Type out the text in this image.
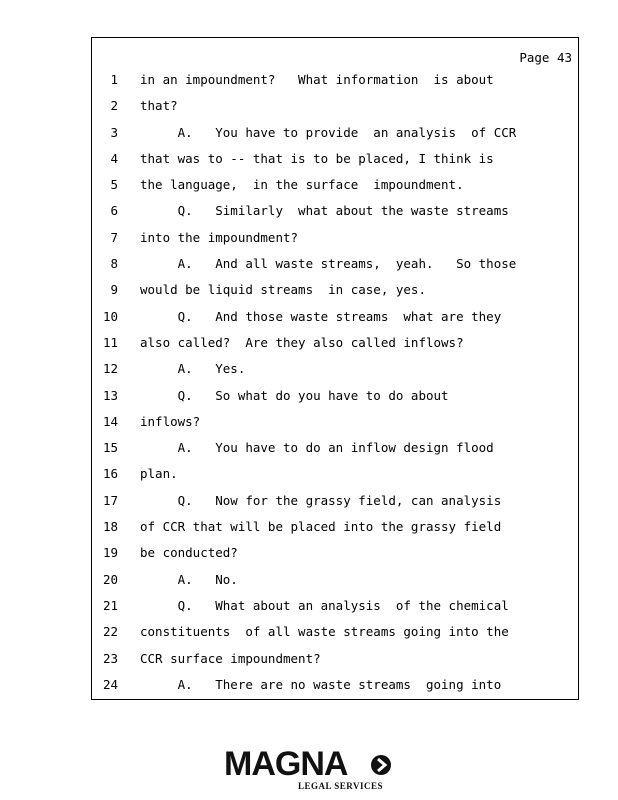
Page 43
1 in an impoundment?   What information  is about
2 that?
3 A.   You have to provide  an analysis  of CCR
4 that was to -- that is to be placed, I think is
5 the language,  in the surface  impoundment.
6 Q.   Similarly  what about the waste streams
7 into the impoundment?
8 A.   And all waste streams,  yeah.   So those
9 would be liquid streams  in case, yes.
10 Q.   And those waste streams  what are they
11 also called?  Are they also called inflows?
12 A.   Yes.
13 Q.   So what do you have to do about
14 inflows?
15 A.   You have to do an inflow design flood
16 plan.
17 Q.   Now for the grassy field, can analysis
18 of CCR that will be placed into the grassy field
19 be conducted?
20 A.   No.
21 Q.   What about an analysis  of the chemical
22 constituents  of all waste streams going into the
23 CCR surface impoundment?
24 A.   There are no waste streams  going into
MAGNA
LEGAL SERVICES
